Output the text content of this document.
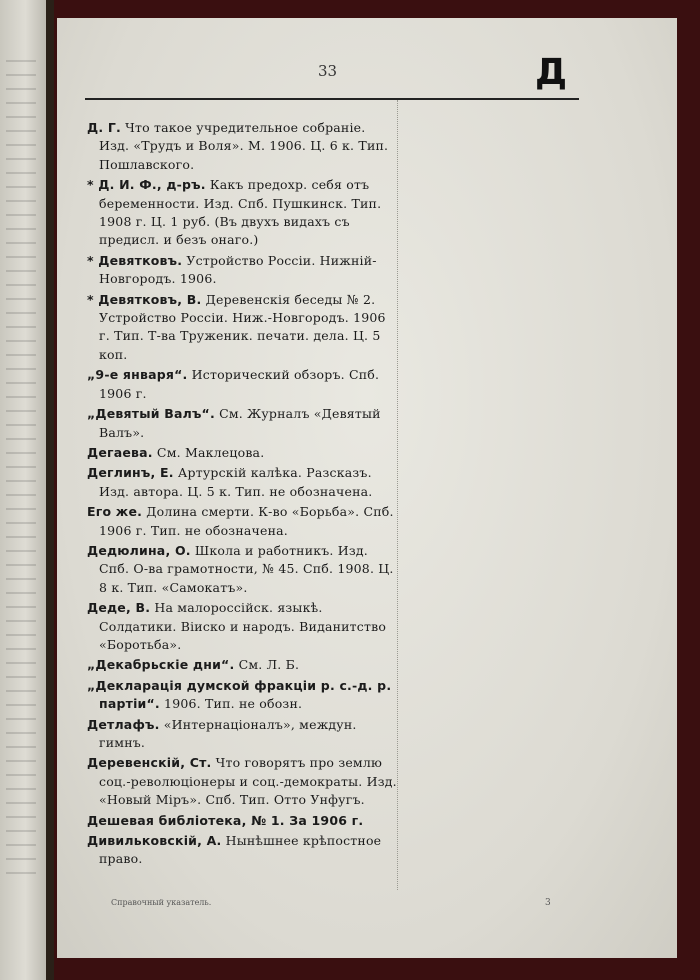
33	Д
Д. Г. Что такое учредительное собраніе. Изд. «Трудъ и Воля». М. 1906. Ц. 6 к. Тип. Пошлавского.
* Д. И. Ф., д-ръ. Какъ предохр. себя отъ беременности. Изд. Спб. Пушкинск. Тип. 1908 г. Ц. 1 руб. (Въ двухъ видахъ съ предисл. и безъ онаго.)
* Девятковъ. Устройство Россіи. Нижній-Новгородъ. 1906.
* Девятковъ, В. Деревенскія беседы № 2. Устройство Россіи. Ниж.-Новгородъ. 1906 г. Тип. Т-ва Труженик. печати. дела. Ц. 5 коп.
„9-е января“. Исторический обзоръ. Спб. 1906 г.
„Девятый Валъ“. См. Журналъ «Девятый Валъ».
Дегаева. См. Маклецова.
Деглинъ, Е. Артурскій калѣка. Разсказъ. Изд. автора. Ц. 5 к. Тип. не обозначена.
Его же. Долина смерти. К-во «Борьба». Спб. 1906 г. Тип. не обозначена.
Дедюлина, О. Школа и работникъ. Изд. Спб. О-ва грамотности, № 45. Спб. 1908. Ц. 8 к. Тип. «Самокатъ».
Деде, В. На малороссійск. языкѣ. Солдатики. Віиско и народъ. Виданитство «Боротьба».
„Декабрьскіе дни“. См. Л. Б.
„Декларація думской фракціи р. с.-д. р. партіи“. 1906. Тип. не обозн.
Детлафъ. «Интернаціоналъ», междун. гимнъ.
Деревенскій, Ст. Что говорятъ про землю соц.-революціонеры и соц.-демократы. Изд. «Новый Міръ». Спб. Тип. Отто Унфугъ.
Дешевая библіотека, № 1. За 1906 г.
Дивильковскій, А. Нынѣшнее крѣпостное право.
Справочный указатель.	3
